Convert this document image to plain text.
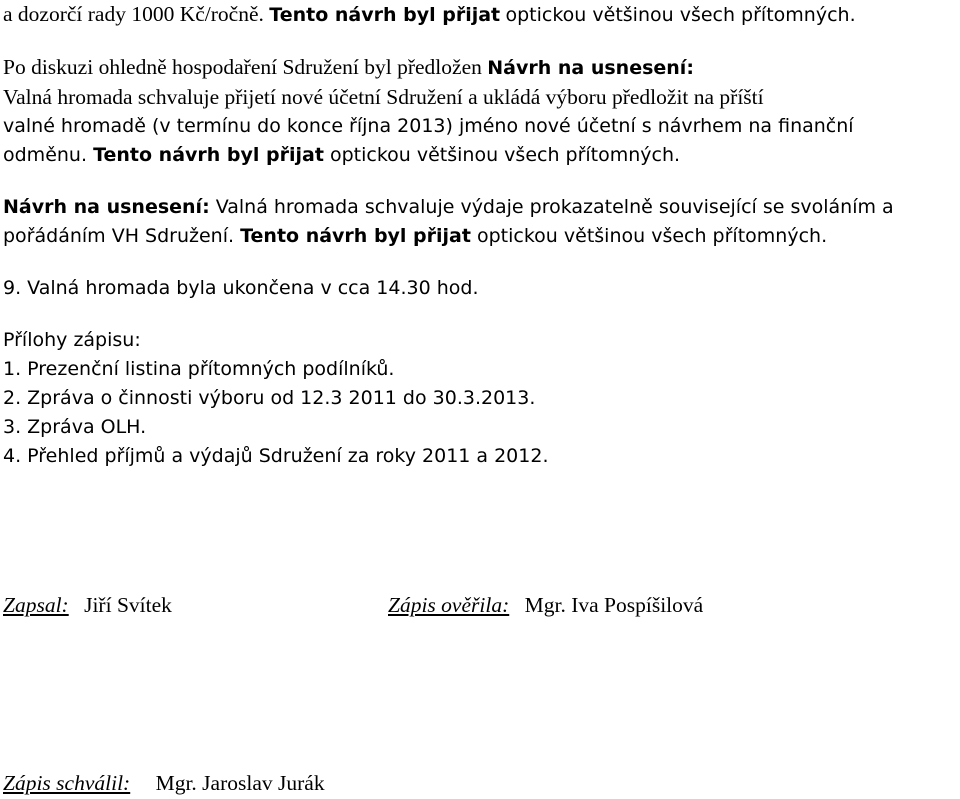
a dozorčí rady 1000 Kč/ročně. Tento návrh byl přijat optickou většinou všech přítomných.
Po diskuzi ohledně hospodaření Sdružení byl předložen Návrh na usnesení:
Valná hromada schvaluje přijetí nové účetní Sdružení a ukládá výboru předložit na příští
valné hromadě (v termínu do konce října 2013) jméno nové účetní s návrhem na finanční
odměnu. Tento návrh byl přijat optickou většinou všech přítomných.
Návrh na usnesení: Valná hromada schvaluje výdaje prokazatelně související se svoláním a
pořádáním VH Sdružení. Tento návrh byl přijat optickou většinou všech přítomných.
9. Valná hromada byla ukončena v cca 14.30 hod.
Přílohy zápisu:
1. Prezenční listina přítomných podílníků.
2. Zpráva o činnosti výboru od 12.3 2011 do 30.3.2013.
3. Zpráva OLH.
4. Přehled příjmů a výdajů Sdružení za roky 2011 a 2012.
Zapsal: Jiří Svítek	Zápis ověřila: Mgr. Iva Pospíšilová
Zápis schválil: Mgr. Jaroslav Jurák
